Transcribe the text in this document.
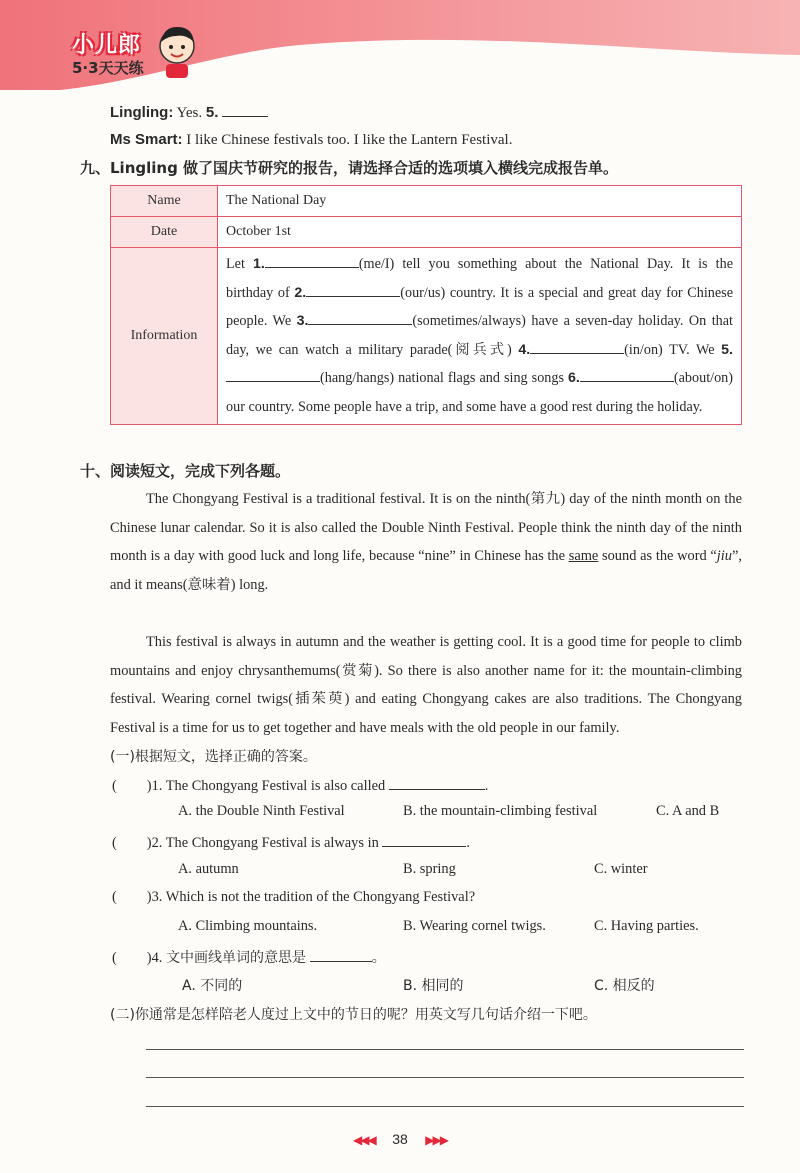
小儿郎
5·3天天练
Lingling: Yes. 5.
Ms Smart: I like Chinese festivals too. I like the Lantern Festival.
九、Lingling 做了国庆节研究的报告，请选择合适的选项填入横线完成报告单。
Name	The National Day
Date	October 1st
Information	Let 1. (me/I) tell you something about the National Day. It is the birthday of 2. (our/us) country. It is a special and great day for Chinese people. We 3. (sometimes/always) have a seven-day holiday. On that day, we can watch a military parade(阅兵式) 4. (in/on) TV. We 5.(hang/hangs) national flags and sing songs 6. (about/on) our country. Some people have a trip, and some have a good rest during the holiday.
十、阅读短文，完成下列各题。
The Chongyang Festival is a traditional festival. It is on the ninth(第九) day of the ninth month on the Chinese lunar calendar. So it is also called the Double Ninth Festival. People think the ninth day of the ninth month is a day with good luck and long life, because “nine” in Chinese has the same sound as the word “jiu”, and it means(意味着) long.
This festival is always in autumn and the weather is getting cool. It is a good time for people to climb mountains and enjoy chrysanthemums(赏菊). So there is also another name for it: the mountain-climbing festival. Wearing cornel twigs(插茱萸) and eating Chongyang cakes are also traditions. The Chongyang Festival is a time for us to get together and have meals with the old people in our family.
(一)根据短文，选择正确的答案。
( )1. The Chongyang Festival is also called	.
A. the Double Ninth Festival	B. the mountain-climbing festival	C. A and B
( )2. The Chongyang Festival is always in	.
A. autumn	B. spring	C. winter
( )3. Which is not the tradition of the Chongyang Festival?
A. Climbing mountains.	B. Wearing cornel twigs.	C. Having parties.
( )4. 文中画线单词的意思是	。
A. 不同的	B. 相同的	C. 相反的
(二)你通常是怎样陪老人度过上文中的节日的呢？用英文写几句话介绍一下吧。
◀◀◀ 38 ▶▶▶
